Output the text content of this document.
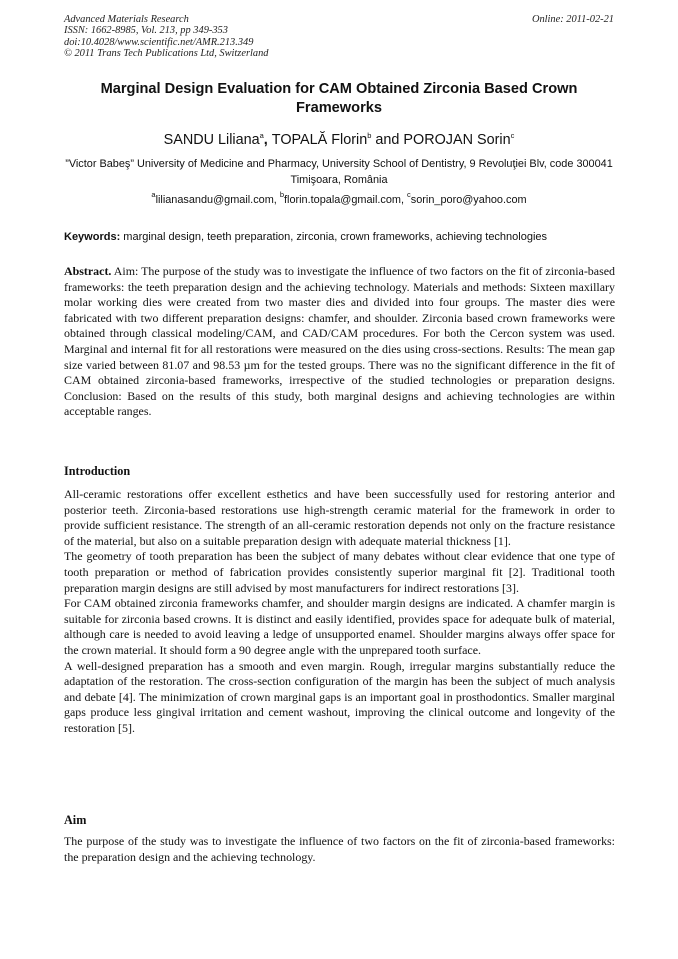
Advanced Materials Research
ISSN: 1662-8985, Vol. 213, pp 349-353
doi:10.4028/www.scientific.net/AMR.213.349
© 2011 Trans Tech Publications Ltd, Switzerland
Online: 2011-02-21
Marginal Design Evaluation for CAM Obtained Zirconia Based Crown Frameworks
SANDU Liliana$^a$, TOPALĂ Florin$^b$ and POROJAN Sorin$^c$
”Victor Babeş” University of Medicine and Pharmacy, University School of Dentistry, 9 Revoluţiei Blv, code 300041 Timişoara, România
$^a$lilianasandu@gmail.com, $^b$florin.topala@gmail.com, $^c$sorin_poro@yahoo.com
Keywords: marginal design, teeth preparation, zirconia, crown frameworks, achieving technologies

Abstract. Aim: The purpose of the study was to investigate the influence of two factors on the fit of zirconia-based frameworks: the teeth preparation design and the achieving technology. Materials and methods: Sixteen maxillary molar working dies were created from two master dies and divided into four groups. The master dies were fabricated with two different preparation designs: chamfer, and shoulder. Zirconia based crown frameworks were obtained through classical modeling/CAM, and CAD/CAM procedures. For both the Cercon system was used. Marginal and internal fit for all restorations were measured on the dies using cross-sections. Results: The mean gap size varied between 81.07 and 98.53 µm for the tested groups. There was no the significant difference in the fit of CAM obtained zirconia-based frameworks, irrespective of the studied technologies or preparation designs. Conclusion: Based on the results of this study, both marginal designs and achieving technologies are within acceptable ranges.

Introduction

All-ceramic restorations offer excellent esthetics and have been successfully used for restoring anterior and posterior teeth. Zirconia-based restorations use high-strength ceramic material for the framework in order to provide sufficient resistance. The strength of an all-ceramic restoration depends not only on the fracture resistance of the material, but also on a suitable preparation design with adequate material thickness [1].

The geometry of tooth preparation has been the subject of many debates without clear evidence that one type of tooth preparation or method of fabrication provides consistently superior marginal fit [2]. Traditional tooth preparation margin designs are still advised by most manufacturers for indirect restorations [3].

For CAM obtained zirconia frameworks chamfer, and shoulder margin designs are indicated. A chamfer margin is suitable for zirconia based crowns. It is distinct and easily identified, provides space for adequate bulk of material, although care is needed to avoid leaving a ledge of unsupported enamel. Shoulder margins always offer space for the crown material. It should form a 90 degree angle with the unprepared tooth surface.

A well-designed preparation has a smooth and even margin. Rough, irregular margins substantially reduce the adaptation of the restoration. The cross-section configuration of the margin has been the subject of much analysis and debate [4]. The minimization of crown marginal gaps is an important goal in prosthodontics. Smaller marginal gaps produce less gingival irritation and cement washout, improving the clinical outcome and longevity of the restoration [5].

Aim

The purpose of the study was to investigate the influence of two factors on the fit of zirconia-based frameworks: the preparation design and the achieving technology.
